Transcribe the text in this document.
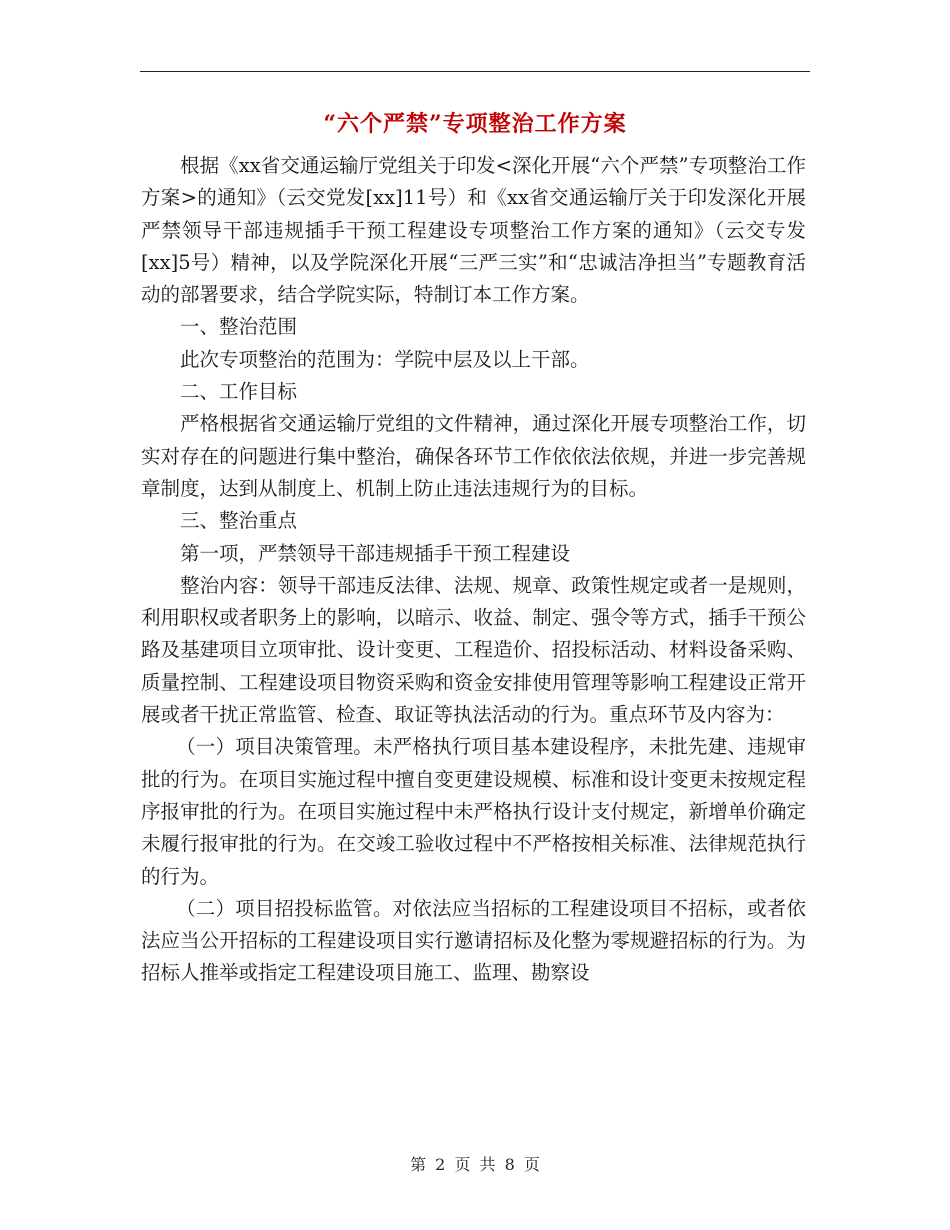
“六个严禁”专项整治工作方案

根据《xx省交通运输厅党组关于印发<深化开展“六个严禁”专项整治工作方案>的通知》（云交党发[xx]11号）和《xx省交通运输厅关于印发深化开展严禁领导干部违规插手干预工程建设专项整治工作方案的通知》（云交专发[xx]5号）精神，以及学院深化开展“三严三实”和“忠诚洁净担当”专题教育活动的部署要求，结合学院实际，特制订本工作方案。

一、整治范围

此次专项整治的范围为：学院中层及以上干部。

二、工作目标

严格根据省交通运输厅党组的文件精神，通过深化开展专项整治工作，切实对存在的问题进行集中整治，确保各环节工作依依法依规，并进一步完善规章制度，达到从制度上、机制上防止违法违规行为的目标。

三、整治重点

第一项，严禁领导干部违规插手干预工程建设

整治内容：领导干部违反法律、法规、规章、政策性规定或者一是规则，利用职权或者职务上的影响，以暗示、收益、制定、强令等方式，插手干预公路及基建项目立项审批、设计变更、工程造价、招投标活动、材料设备采购、质量控制、工程建设项目物资采购和资金安排使用管理等影响工程建设正常开展或者干扰正常监管、检查、取证等执法活动的行为。重点环节及内容为：

（一）项目决策管理。未严格执行项目基本建设程序，未批先建、违规审批的行为。在项目实施过程中擅自变更建设规模、标准和设计变更未按规定程序报审批的行为。在项目实施过程中未严格执行设计支付规定，新增单价确定未履行报审批的行为。在交竣工验收过程中不严格按相关标准、法律规范执行的行为。

（二）项目招投标监管。对依法应当招标的工程建设项目不招标，或者依法应当公开招标的工程建设项目实行邀请招标及化整为零规避招标的行为。为招标人推举或指定工程建设项目施工、监理、勘察设

第 2 页 共 8 页
